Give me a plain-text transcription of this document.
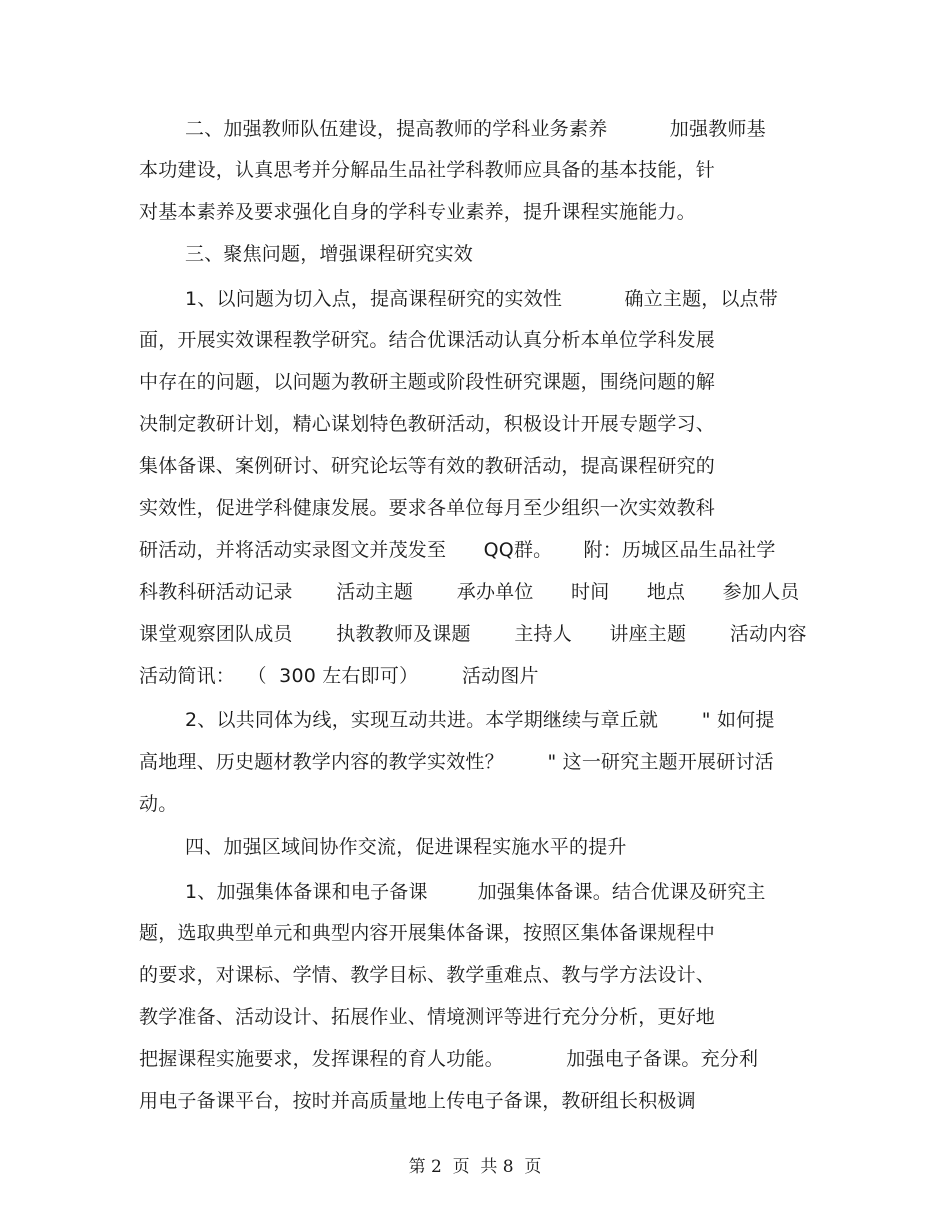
二、加强教师队伍建设，提高教师的学科业务素养          加强教师基
本功建设，认真思考并分解品生品社学科教师应具备的基本技能，针
对基本素养及要求强化自身的学科专业素养，提升课程实施能力。
三、聚焦问题，增强课程研究实效
1、以问题为切入点，提高课程研究的实效性          确立主题，以点带
面，开展实效课程教学研究。结合优课活动认真分析本单位学科发展
中存在的问题，以问题为教研主题或阶段性研究课题，围绕问题的解
决制定教研计划，精心谋划特色教研活动，积极设计开展专题学习、
集体备课、案例研讨、研究论坛等有效的教研活动，提高课程研究的
实效性，促进学科健康发展。要求各单位每月至少组织一次实效教科
研活动，并将活动实录图文并茂发至      QQ群。     附：历城区品生品社学
科教科研活动记录       活动主题       承办单位      时间      地点      参加人员
课堂观察团队成员       执教教师及课题       主持人      讲座主题       活动内容
活动简讯：  （  300 左右即可）       活动图片
2、以共同体为线，实现互动共进。本学期继续与章丘就       " 如何提
高地理、历史题材教学内容的教学实效性？       " 这一研究主题开展研讨活
动。
四、加强区域间协作交流，促进课程实施水平的提升
1、加强集体备课和电子备课        加强集体备课。结合优课及研究主
题，选取典型单元和典型内容开展集体备课，按照区集体备课规程中
的要求，对课标、学情、教学目标、教学重难点、教与学方法设计、
教学准备、活动设计、拓展作业、情境测评等进行充分分析，更好地
把握课程实施要求，发挥课程的育人功能。          加强电子备课。充分利
用电子备课平台，按时并高质量地上传电子备课，教研组长积极调
第 2  页  共 8  页
